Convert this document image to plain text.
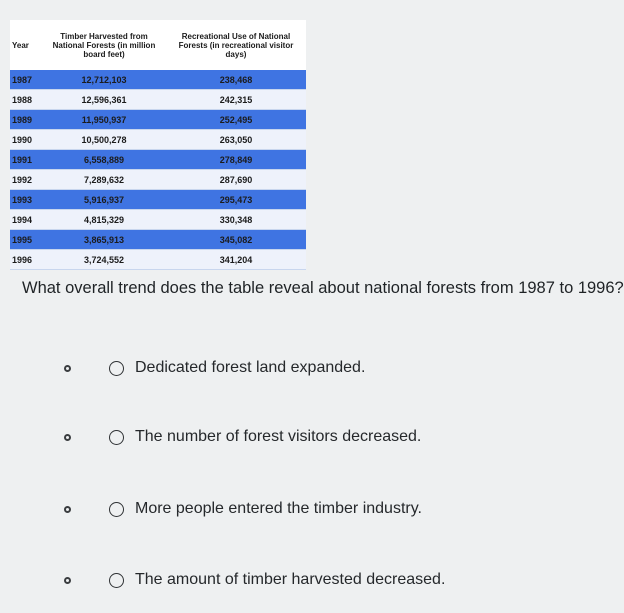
Year	Timber Harvested from National Forests (in million board feet)	Recreational Use of National Forests (in recreational visitor days)
1987	12,712,103	238,468
1988	12,596,361	242,315
1989	11,950,937	252,495
1990	10,500,278	263,050
1991	6,558,889	278,849
1992	7,289,632	287,690
1993	5,916,937	295,473
1994	4,815,329	330,348
1995	3,865,913	345,082
1996	3,724,552	341,204
What overall trend does the table reveal about national forests from 1987 to 1996?
Dedicated forest land expanded.
The number of forest visitors decreased.
More people entered the timber industry.
The amount of timber harvested decreased.
